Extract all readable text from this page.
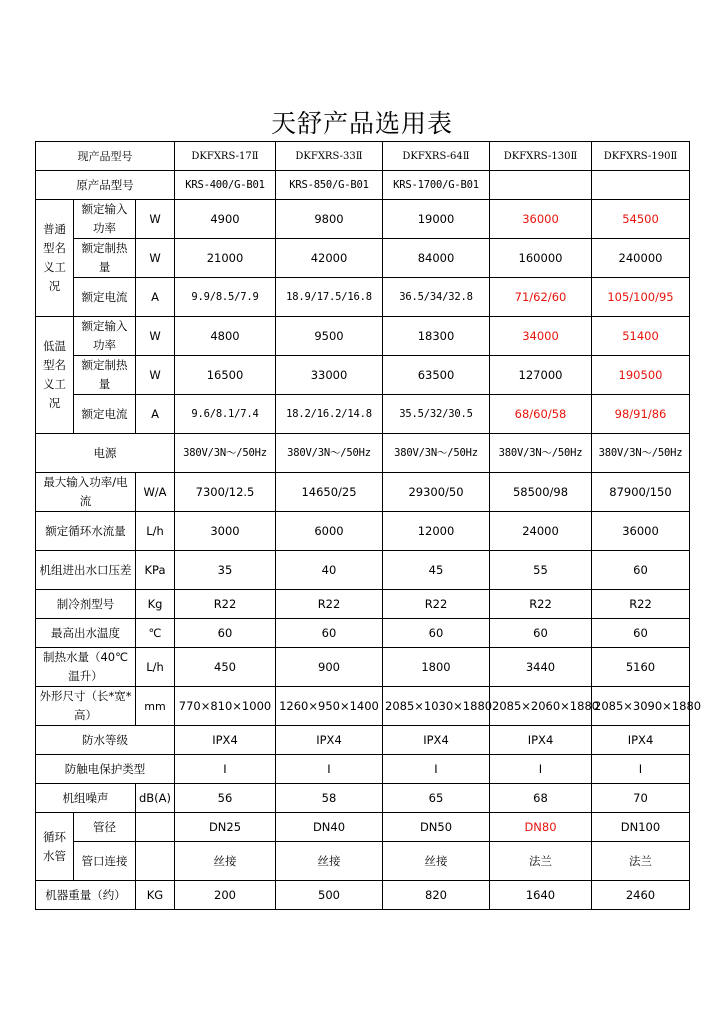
天舒产品选用表
现产品型号			DKFXRS-17Ⅱ	DKFXRS-33Ⅱ	DKFXRS-64Ⅱ	DKFXRS-130Ⅱ	DKFXRS-190Ⅱ
原产品型号			KRS-400/G-B01	KRS-850/G-B01	KRS-1700/G-B01		
普通型名义工况	额定输入功率	W	4900	9800	19000	36000	54500
	额定制热量	W	21000	42000	84000	160000	240000
	额定电流	A	9.9/8.5/7.9	18.9/17.5/16.8	36.5/34/32.8	71/62/60	105/100/95
低温型名义工况	额定输入功率	W	4800	9500	18300	34000	51400
	额定制热量	W	16500	33000	63500	127000	190500
	额定电流	A	9.6/8.1/7.4	18.2/16.2/14.8	35.5/32/30.5	68/60/58	98/91/86
电源			380V/3N～/50Hz	380V/3N～/50Hz	380V/3N～/50Hz	380V/3N～/50Hz	380V/3N～/50Hz
最大输入功率/电流		W/A	7300/12.5	14650/25	29300/50	58500/98	87900/150
额定循环水流量		L/h	3000	6000	12000	24000	36000
机组进出水口压差		KPa	35	40	45	55	60
制冷剂型号		Kg	R22	R22	R22	R22	R22
最高出水温度		℃	60	60	60	60	60
制热水量（40℃温升）		L/h	450	900	1800	3440	5160
外形尺寸（长*宽*高）		mm	770×810×1000	1260×950×1400	2085×1030×1880	2085×2060×1880	2085×3090×1880
防水等级			IPX4	IPX4	IPX4	IPX4	IPX4
防触电保护类型			I	I	I	I	I
机组噪声		dB(A)	56	58	65	68	70
循环水管	管径		DN25	DN40	DN50	DN80	DN100
	管口连接		丝接	丝接	丝接	法兰	法兰
机器重量（约）		KG	200	500	820	1640	2460
